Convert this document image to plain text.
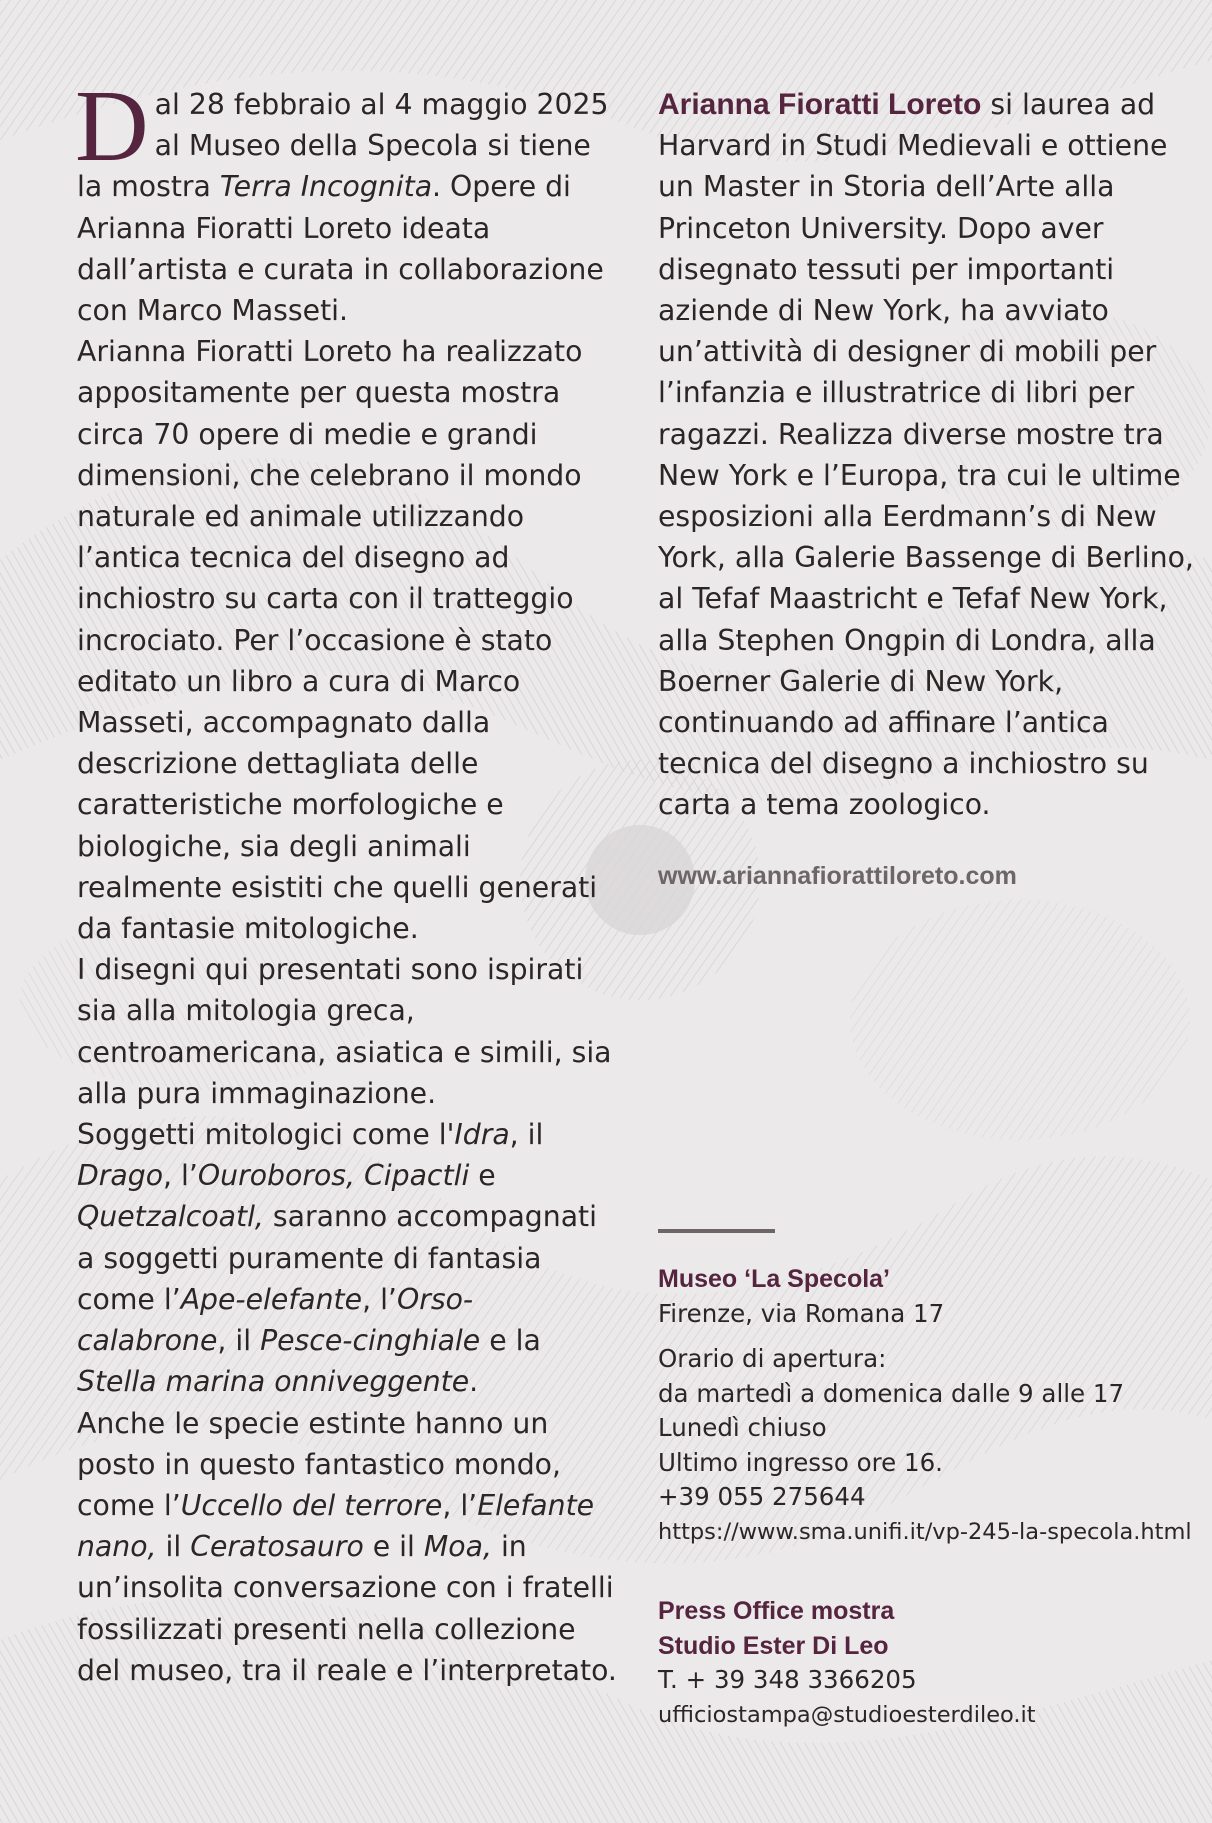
Dal 28 febbraio al 4 maggio 2025 al Museo della Specola si tiene la mostra Terra Incognita. Opere di Arianna Fioratti Loreto ideata dall’artista e curata in collaborazione con Marco Masseti.

Arianna Fioratti Loreto ha realizzato appositamente per questa mostra circa 70 opere di medie e grandi dimensioni, che celebrano il mondo naturale ed animale utilizzando l’antica tecnica del disegno ad inchiostro su carta con il tratteggio incrociato. Per l’occasione è stato editato un libro a cura di Marco Masseti, accompagnato dalla descrizione dettagliata delle caratteristiche morfologiche e biologiche, sia degli animali realmente esistiti che quelli generati da fantasie mitologiche.

I disegni qui presentati sono ispirati sia alla mitologia greca, centroamericana, asiatica e simili, sia alla pura immaginazione.

Soggetti mitologici come l'Idra, il Drago, l’Ouroboros, Cipactli e Quetzalcoatl, saranno accompagnati a soggetti puramente di fantasia come l’Ape-elefante, l’Orso-calabrone, il Pesce-cinghiale e la Stella marina onniveggente.

Anche le specie estinte hanno un posto in questo fantastico mondo, come l’Uccello del terrore, l’Elefante nano, il Ceratosauro e il Moa, in un’insolita conversazione con i fratelli fossilizzati presenti nella collezione del museo, tra il reale e l’interpretato.

Arianna Fioratti Loreto si laurea ad Harvard in Studi Medievali e ottiene un Master in Storia dell’Arte alla Princeton University. Dopo aver disegnato tessuti per importanti aziende di New York, ha avviato un’attività di designer di mobili per l’infanzia e illustratrice di libri per ragazzi. Realizza diverse mostre tra New York e l’Europa, tra cui le ultime esposizioni alla Eerdmann’s di New York, alla Galerie Bassenge di Berlino, al Tefaf Maastricht e Tefaf New York, alla Stephen Ongpin di Londra, alla Boerner Galerie di New York, continuando ad affinare l’antica tecnica del disegno a inchiostro su carta a tema zoologico.

www.ariannafiorattiloreto.com
Museo ‘La Specola’
Firenze, via Romana 17
Orario di apertura:
da martedì a domenica dalle 9 alle 17
Lunedì chiuso
Ultimo ingresso ore 16.
+39 055 275644
https://www.sma.unifi.it/vp-245-la-specola.html
Press Office mostra
Studio Ester Di Leo
T. + 39 348 3366205
ufficiostampa@studioesterdileo.it
